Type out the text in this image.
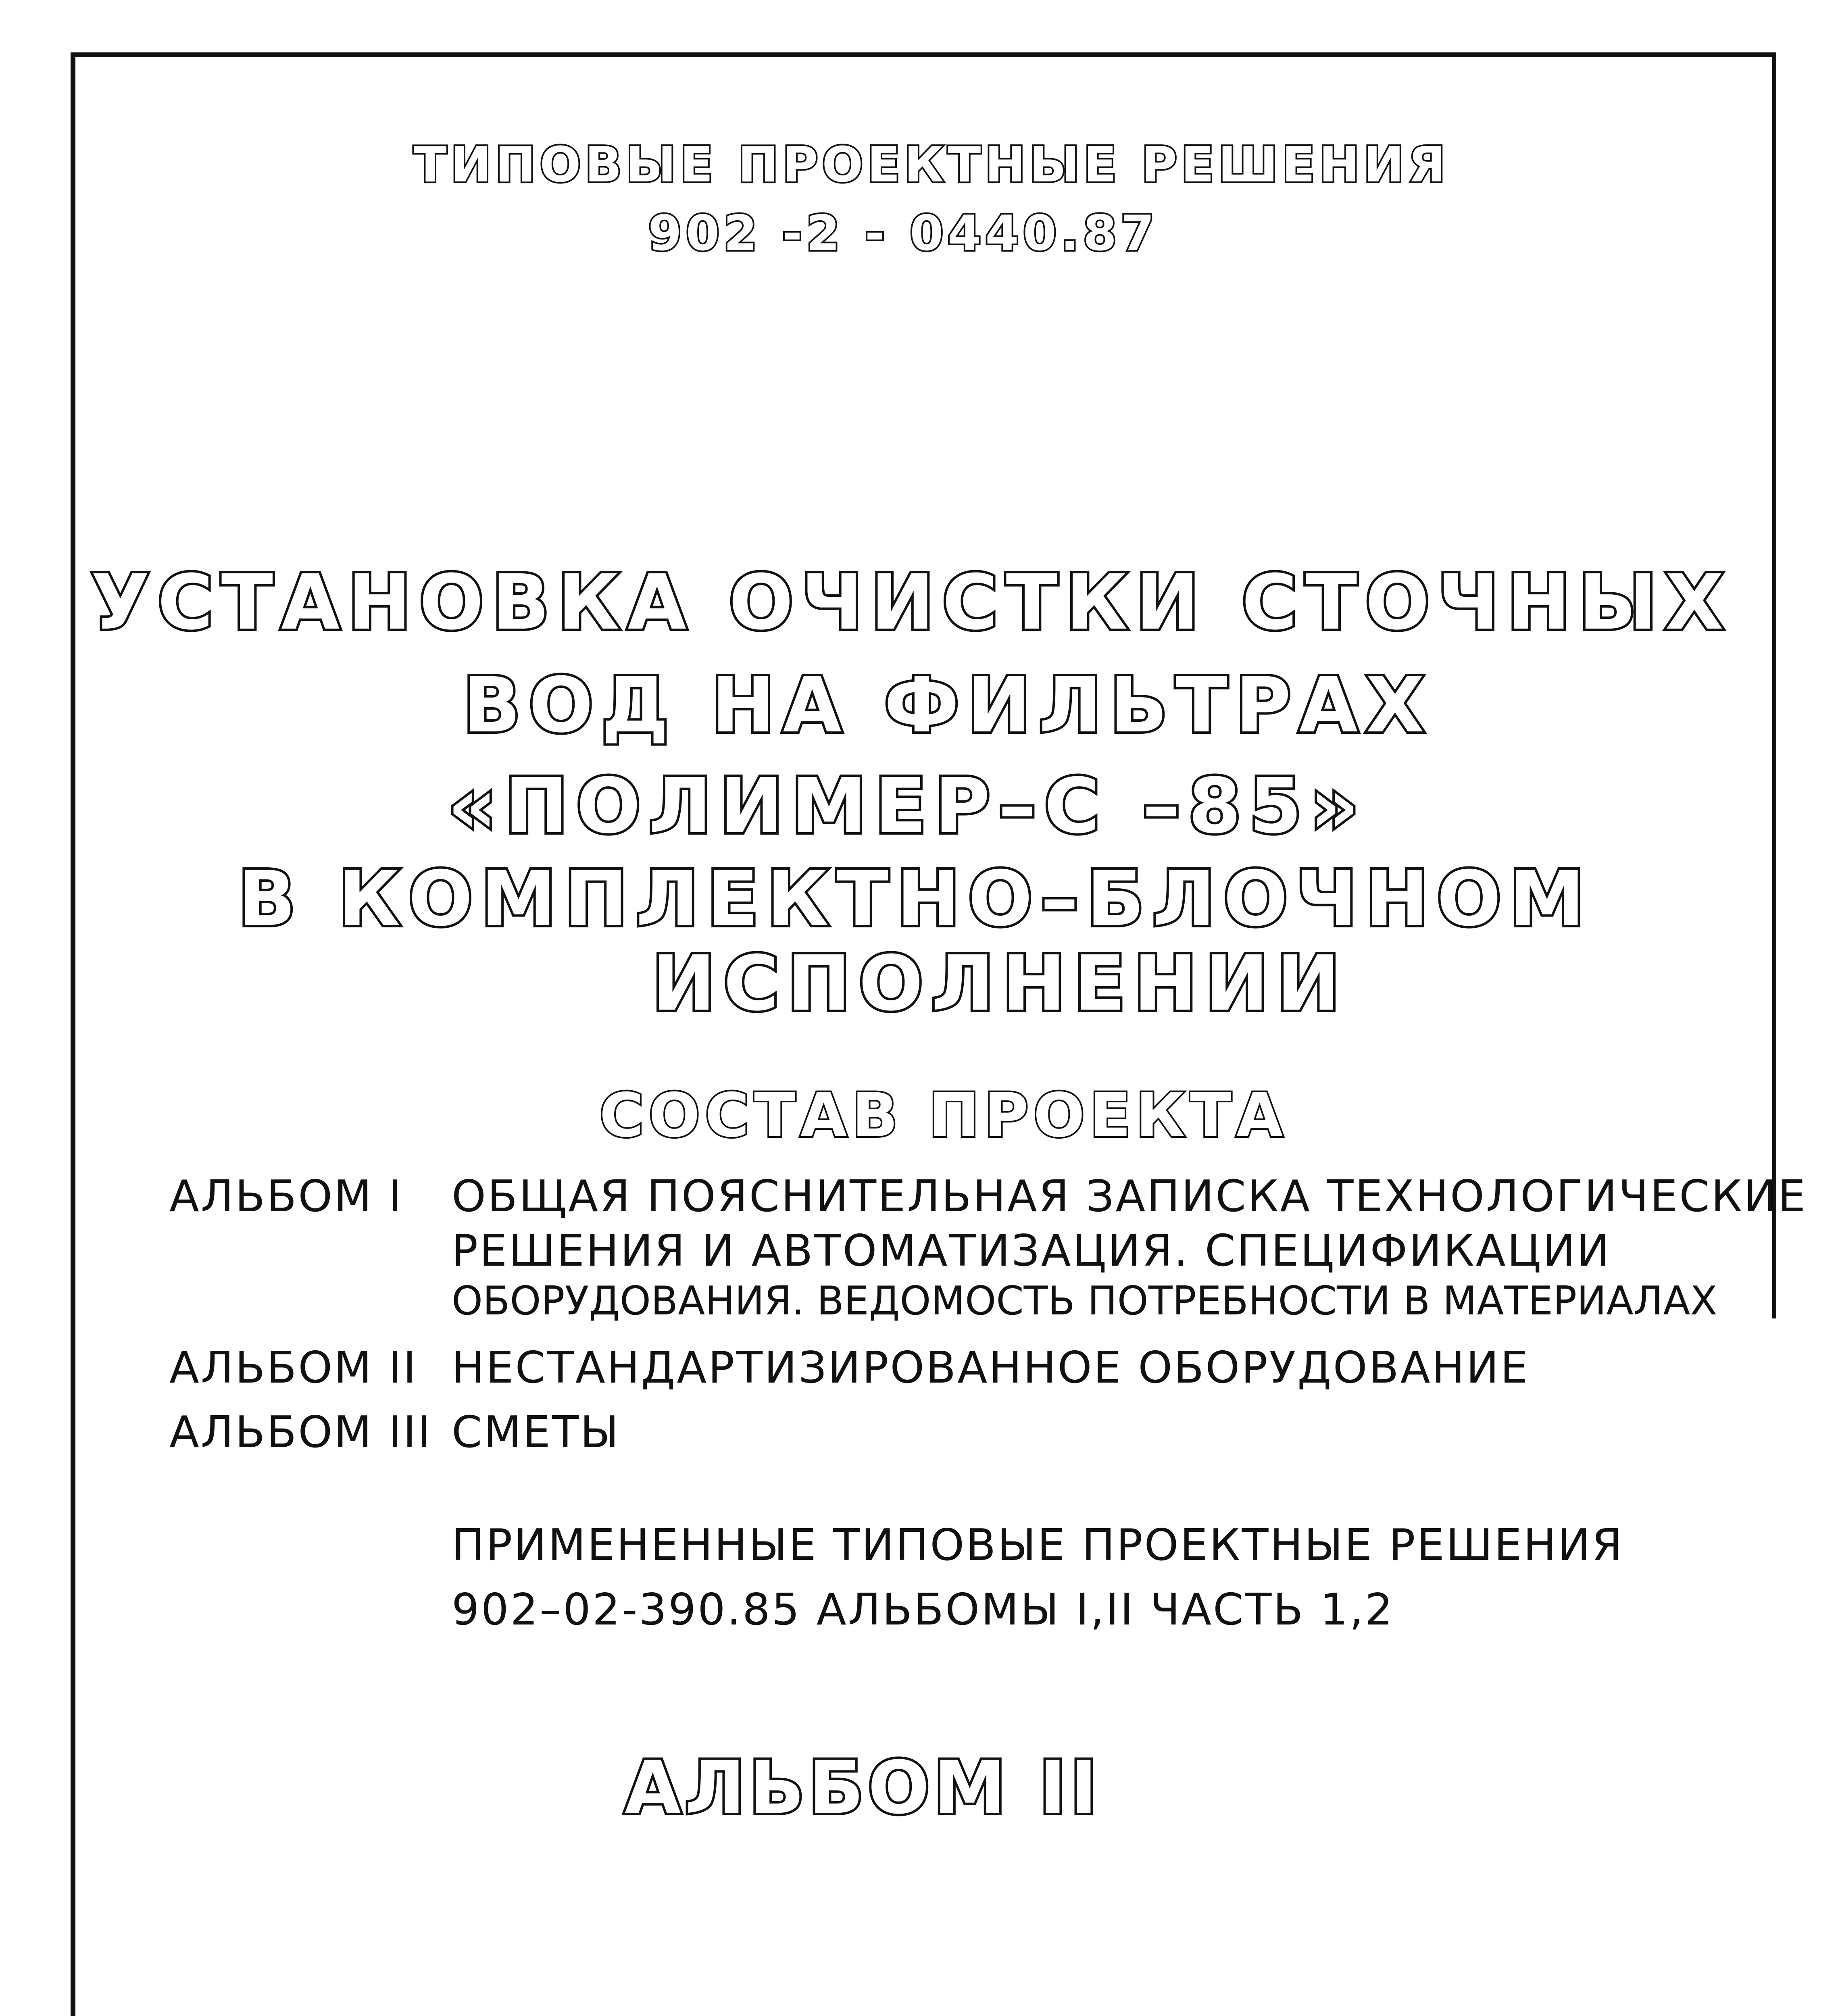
ТИПОВЫЕ ПРОЕКТНЫЕ РЕШЕНИЯ
902 -2 - 0440.87
УСТАНОВКА ОЧИСТКИ СТОЧНЫХ
ВОД НА ФИЛЬТРАХ
«ПОЛИМЕР–С –85»
В КОМПЛЕКТНО–БЛОЧНОМ
ИСПОЛНЕНИИ
СОСТАВ ПРОЕКТА
АЛЬБОМ I ОБЩАЯ ПОЯСНИТЕЛЬНАЯ ЗАПИСКА ТЕХНОЛОГИЧЕСКИЕ
РЕШЕНИЯ И АВТОМАТИЗАЦИЯ. СПЕЦИФИКАЦИИ
ОБОРУДОВАНИЯ. ВЕДОМОСТЬ ПОТРЕБНОСТИ В МАТЕРИАЛАХ
АЛЬБОМ II НЕСТАНДАРТИЗИРОВАННОЕ ОБОРУДОВАНИЕ
АЛЬБОМ III СМЕТЫ
ПРИМЕНЕННЫЕ ТИПОВЫЕ ПРОЕКТНЫЕ РЕШЕНИЯ
902–02-390.85 АЛЬБОМЫ I,II ЧАСТЬ 1,2
АЛЬБОМ II
